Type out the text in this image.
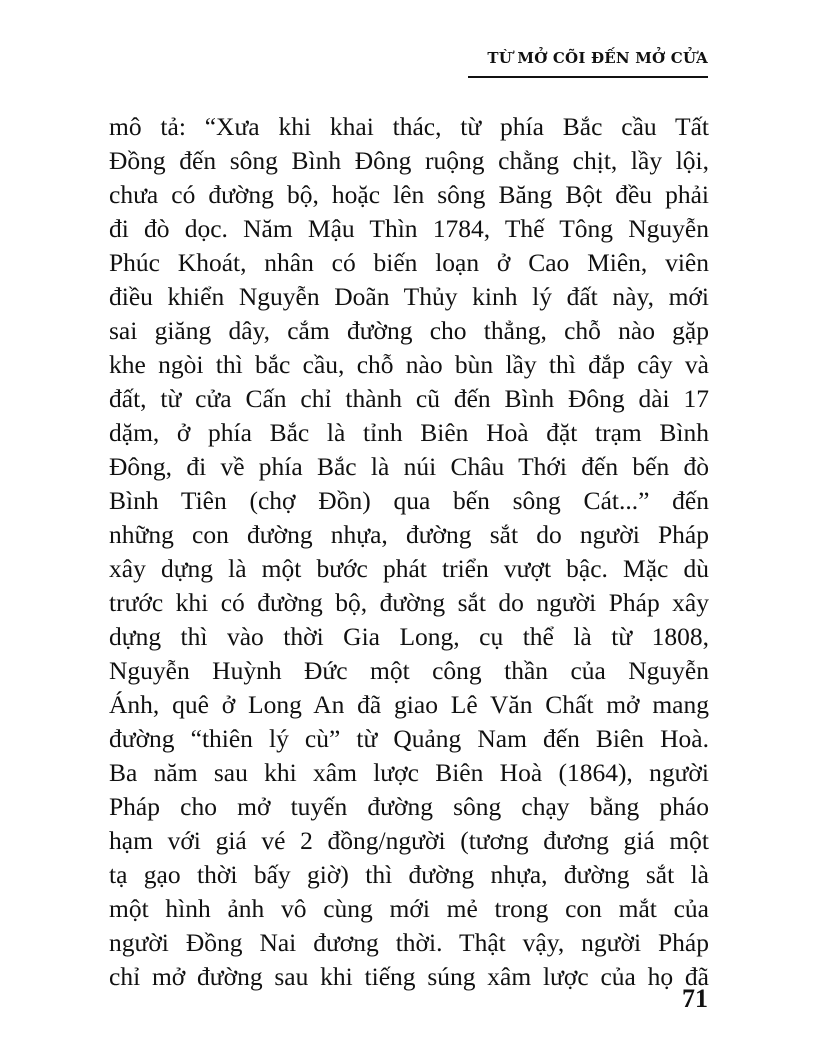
TỪ MỞ CÕI ĐẾN MỞ CỬA
mô tả: “Xưa khi khai thác, từ phía Bắc cầu Tất
Đồng đến sông Bình Đông ruộng chằng chịt, lầy lội,
chưa có đường bộ, hoặc lên sông Băng Bột đều phải
đi đò dọc. Năm Mậu Thìn 1784, Thế Tông Nguyễn
Phúc Khoát, nhân có biến loạn ở Cao Miên, viên
điều khiển Nguyễn Doãn Thủy kinh lý đất này, mới
sai giăng dây, cắm đường cho thẳng, chỗ nào gặp
khe ngòi thì bắc cầu, chỗ nào bùn lầy thì đắp cây và
đất, từ cửa Cấn chỉ thành cũ đến Bình Đông dài 17
dặm, ở phía Bắc là tỉnh Biên Hoà đặt trạm Bình
Đông, đi về phía Bắc là núi Châu Thới đến bến đò
Bình Tiên (chợ Đồn) qua bến sông Cát...” đến
những con đường nhựa, đường sắt do người Pháp
xây dựng là một bước phát triển vượt bậc. Mặc dù
trước khi có đường bộ, đường sắt do người Pháp xây
dựng thì vào thời Gia Long, cụ thể là từ 1808,
Nguyễn Huỳnh Đức một công thần của Nguyễn
Ánh, quê ở Long An đã giao Lê Văn Chất mở mang
đường “thiên lý cù” từ Quảng Nam đến Biên Hoà.
Ba năm sau khi xâm lược Biên Hoà (1864), người
Pháp cho mở tuyến đường sông chạy bằng pháo
hạm với giá vé 2 đồng/người (tương đương giá một
tạ gạo thời bấy giờ) thì đường nhựa, đường sắt là
một hình ảnh vô cùng mới mẻ trong con mắt của
người Đồng Nai đương thời. Thật vậy, người Pháp
chỉ mở đường sau khi tiếng súng xâm lược của họ đã
71
